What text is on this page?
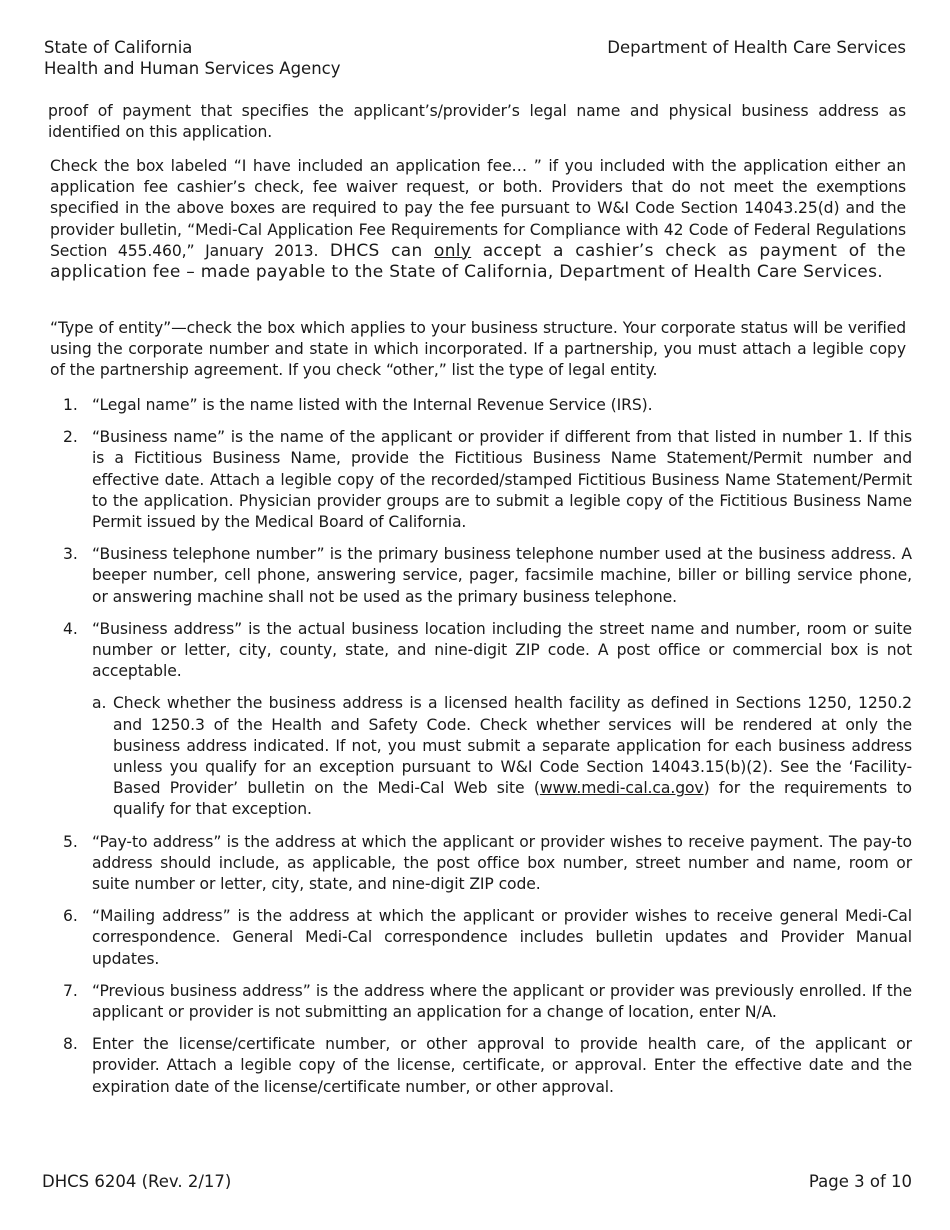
State of California
Health and Human Services Agency
Department of Health Care Services
proof of payment that specifies the applicant’s/provider’s legal name and physical business address as identified on this application.
Check the box labeled “I have included an application fee… ” if you included with the application either an application fee cashier’s check, fee waiver request, or both. Providers that do not meet the exemptions specified in the above boxes are required to pay the fee pursuant to W&I Code Section 14043.25(d) and the provider bulletin, “Medi-Cal Application Fee Requirements for Compliance with 42 Code of Federal Regulations Section 455.460,” January 2013. DHCS can only accept a cashier’s check as payment of the application fee – made payable to the State of California, Department of Health Care Services.
“Type of entity”—check the box which applies to your business structure. Your corporate status will be verified using the corporate number and state in which incorporated. If a partnership, you must attach a legible copy of the partnership agreement. If you check “other,” list the type of legal entity.
1. “Legal name” is the name listed with the Internal Revenue Service (IRS).
2. “Business name” is the name of the applicant or provider if different from that listed in number 1. If this is a Fictitious Business Name, provide the Fictitious Business Name Statement/Permit number and effective date. Attach a legible copy of the recorded/stamped Fictitious Business Name Statement/Permit to the application. Physician provider groups are to submit a legible copy of the Fictitious Business Name Permit issued by the Medical Board of California.
3. “Business telephone number” is the primary business telephone number used at the business address. A beeper number, cell phone, answering service, pager, facsimile machine, biller or billing service phone, or answering machine shall not be used as the primary business telephone.
4. “Business address” is the actual business location including the street name and number, room or suite number or letter, city, county, state, and nine-digit ZIP code. A post office or commercial box is not acceptable.
a. Check whether the business address is a licensed health facility as defined in Sections 1250, 1250.2 and 1250.3 of the Health and Safety Code. Check whether services will be rendered at only the business address indicated. If not, you must submit a separate application for each business address unless you qualify for an exception pursuant to W&I Code Section 14043.15(b)(2). See the ‘Facility-Based Provider’ bulletin on the Medi-Cal Web site (www.medi-cal.ca.gov) for the requirements to qualify for that exception.
5. “Pay-to address” is the address at which the applicant or provider wishes to receive payment. The pay-to address should include, as applicable, the post office box number, street number and name, room or suite number or letter, city, state, and nine-digit ZIP code.
6. “Mailing address” is the address at which the applicant or provider wishes to receive general Medi-Cal correspondence. General Medi-Cal correspondence includes bulletin updates and Provider Manual updates.
7. “Previous business address” is the address where the applicant or provider was previously enrolled. If the applicant or provider is not submitting an application for a change of location, enter N/A.
8. Enter the license/certificate number, or other approval to provide health care, of the applicant or provider. Attach a legible copy of the license, certificate, or approval. Enter the effective date and the expiration date of the license/certificate number, or other approval.
DHCS 6204 (Rev. 2/17)	Page 3 of 10
